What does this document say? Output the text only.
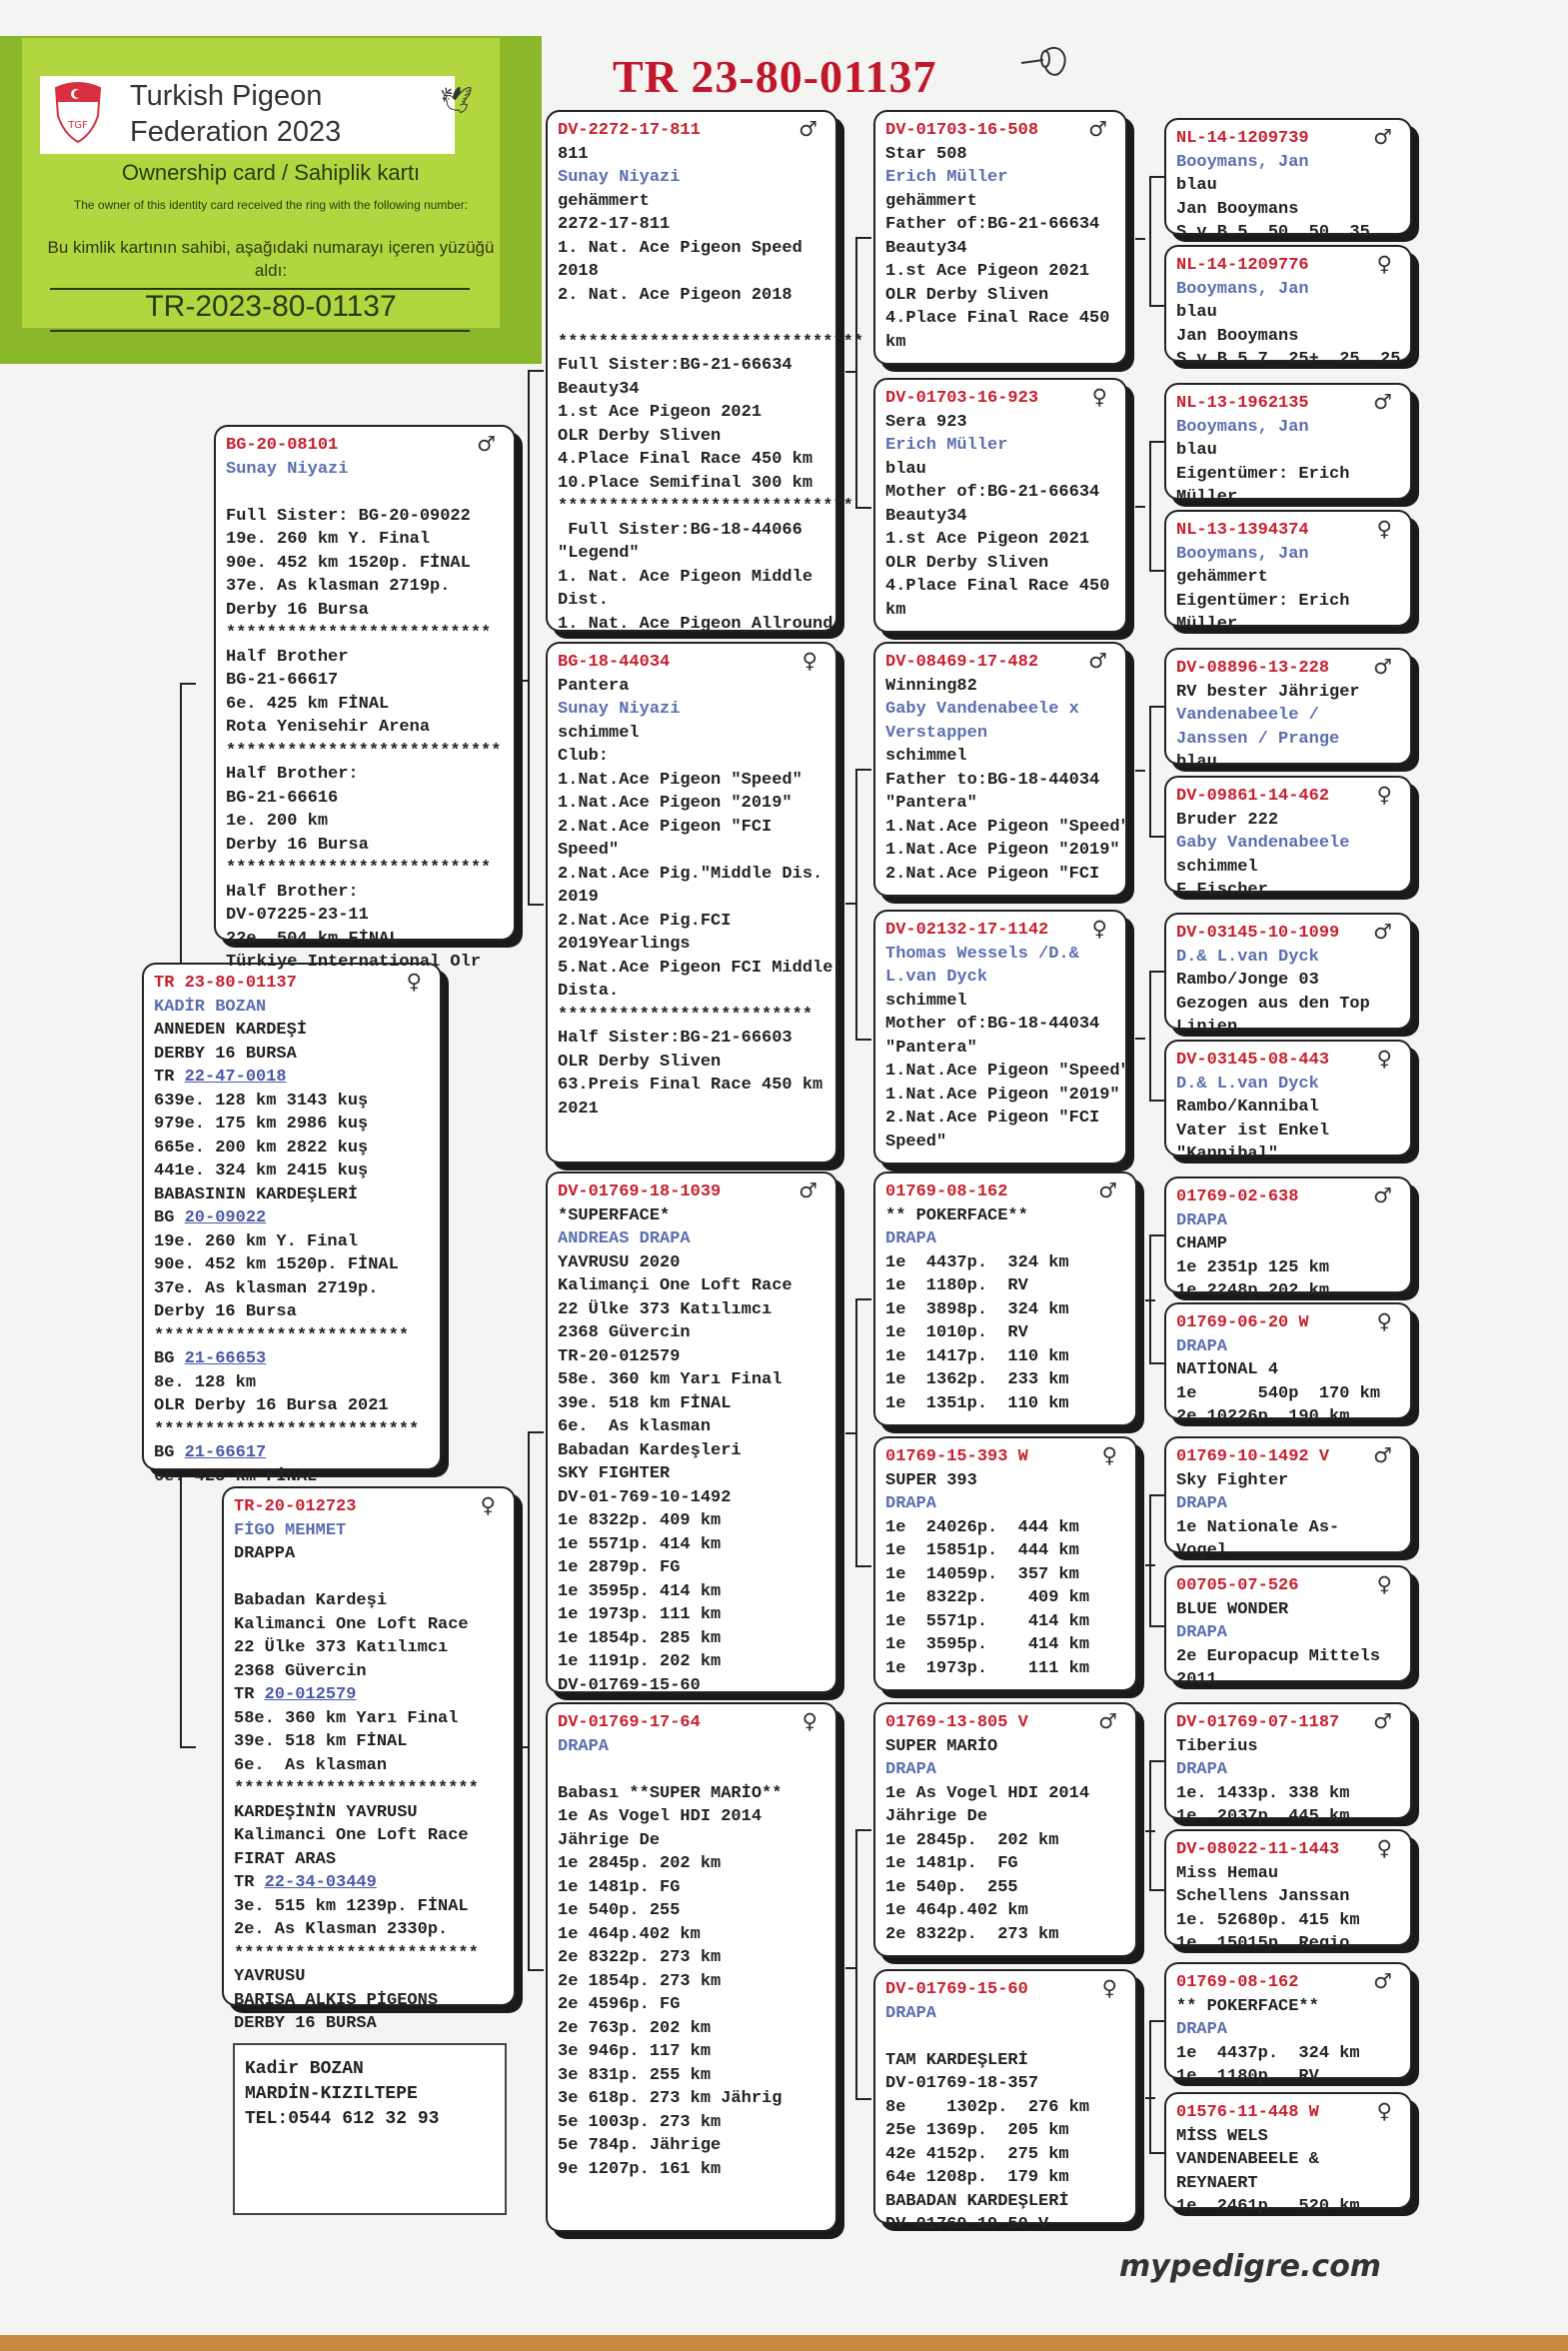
TR 23-80-01137
TGF
Turkish Pigeon
Federation 2023
🕊
Ownership card / Sahiplik kartı
The owner of this identity card received the ring with the following number:
Bu kimlik kartının sahibi, aşağıdaki numarayı içeren yüzüğü aldı:
TR-2023-80-01137
TR 23-80-01137	♀
KADİR BOZAN
ANNEDEN KARDEŞİ
DERBY 16 BURSA
TR 22-47-0018
639e. 128 km 3143 kuş
979e. 175 km 2986 kuş
665e. 200 km 2822 kuş
441e. 324 km 2415 kuş
BABASININ KARDEŞLERİ
BG 20-09022
19e. 260 km Y. Final
90e. 452 km 1520p. FİNAL
37e. As klasman 2719p.
Derby 16 Bursa
*************************
BG 21-66653
8e. 128 km
OLR Derby 16 Bursa 2021
**************************
BG 21-66617
6e. 425 km FİNAL
BG-20-08101	♂
Sunay Niyazi

Full Sister: BG-20-09022
19e. 260 km Y. Final
90e. 452 km 1520p. FİNAL
37e. As klasman 2719p.
Derby 16 Bursa
**************************
Half Brother
BG-21-66617
6e. 425 km FİNAL
Rota Yenisehir Arena
***************************
Half Brother:
BG-21-66616
1e. 200 km
Derby 16 Bursa
**************************
Half Brother:
DV-07225-23-11
22e. 504 km FİNAL
Türkiye International Olr
TR-20-012723	♀
FİGO MEHMET
DRAPPA

Babadan Kardeşi
Kalimanci One Loft Race
22 Ülke 373 Katılımcı
2368 Güvercin
TR 20-012579
58e. 360 km Yarı Final
39e. 518 km FİNAL
6e.  As klasman
************************
KARDEŞİNİN YAVRUSU
Kalimanci One Loft Race
FIRAT ARAS
TR 22-34-03449
3e. 515 km 1239p. FİNAL
2e. As Klasman 2330p.
************************
YAVRUSU
BARIŞA ALKIŞ PİGEONS
DERBY 16 BURSA
DV-2272-17-811	♂
811
Sunay Niyazi
gehämmert
2272-17-811
1. Nat. Ace Pigeon Speed
2018
2. Nat. Ace Pigeon 2018

******************************
Full Sister:BG-21-66634
Beauty34
1.st Ace Pigeon 2021
OLR Derby Sliven
4.Place Final Race 450 km
10.Place Semifinal 300 km
*****************************
Full Sister:BG-18-44066
"Legend"
1. Nat. Ace Pigeon Middle
Dist.
1. Nat. Ace Pigeon Allround
BG-18-44034	♀
Pantera
Sunay Niyazi
schimmel
Club:
1.Nat.Ace Pigeon "Speed"
1.Nat.Ace Pigeon "2019"
2.Nat.Ace Pigeon "FCI
Speed"
2.Nat.Ace Pig."Middle Dis.
2019
2.Nat.Ace Pig.FCI
2019Yearlings
5.Nat.Ace Pigeon FCI Middle
Dista.
*************************
Half Sister:BG-21-66603
OLR Derby Sliven
63.Preis Final Race 450 km
2021
DV-01769-18-1039	♂
*SUPERFACE*
ANDREAS DRAPA
YAVRUSU 2020
Kalimançi One Loft Race
22 Ülke 373 Katılımcı
2368 Güvercin
TR-20-012579
58e. 360 km Yarı Final
39e. 518 km FİNAL
6e.  As klasman
Babadan Kardeşleri
SKY FIGHTER
DV-01-769-10-1492
1e 8322p. 409 km
1e 5571p. 414 km
1e 2879p. FG
1e 3595p. 414 km
1e 1973p. 111 km
1e 1854p. 285 km
1e 1191p. 202 km
DV-01769-15-60
DV-01769-17-64	♀
DRAPA

Babası **SUPER MARİO**
1e As Vogel HDI 2014
Jährige De
1e 2845p. 202 km
1e 1481p. FG
1e 540p. 255
1e 464p.402 km
2e 8322p. 273 km
2e 1854p. 273 km
2e 4596p. FG
2e 763p. 202 km
3e 946p. 117 km
3e 831p. 255 km
3e 618p. 273 km Jährig
5e 1003p. 273 km
5e 784p. Jährige
9e 1207p. 161 km
DV-01703-16-508	♂
Star 508
Erich Müller
gehämmert
Father of:BG-21-66634
Beauty34
1.st Ace Pigeon 2021
OLR Derby Sliven
4.Place Final Race 450
km
DV-01703-16-923	♀
Sera 923
Erich Müller
blau
Mother of:BG-21-66634
Beauty34
1.st Ace Pigeon 2021
OLR Derby Sliven
4.Place Final Race 450
km
DV-08469-17-482	♂
Winning82
Gaby Vandenabeele x
Verstappen
schimmel
Father to:BG-18-44034
"Pantera"
1.Nat.Ace Pigeon "Speed"
1.Nat.Ace Pigeon "2019"
2.Nat.Ace Pigeon "FCI
DV-02132-17-1142	♀
Thomas Wessels /D.&
L.van Dyck
schimmel
Mother of:BG-18-44034
"Pantera"
1.Nat.Ace Pigeon "Speed"
1.Nat.Ace Pigeon "2019"
2.Nat.Ace Pigeon "FCI
Speed"
01769-08-162	♂
** POKERFACE**
DRAPA
1e  4437p.  324 km
1e  1180p.  RV
1e  3898p.  324 km
1e  1010p.  RV
1e  1417p.  110 km
1e  1362p.  233 km
1e  1351p.  110 km
01769-15-393 W	♀
SUPER 393
DRAPA
1e  24026p.  444 km
1e  15851p.  444 km
1e  14059p.  357 km
1e  8322p.    409 km
1e  5571p.    414 km
1e  3595p.    414 km
1e  1973p.    111 km
01769-13-805 V	♂
SUPER MARİO
DRAPA
1e As Vogel HDI 2014
Jährige De
1e 2845p.  202 km
1e 1481p.  FG
1e 540p.  255
1e 464p.402 km
2e 8322p.  273 km
DV-01769-15-60	♀
DRAPA

TAM KARDEŞLERİ
DV-01769-18-357
8e    1302p.  276 km
25e 1369p.  205 km
42e 4152p.  275 km
64e 1208p.  179 km
BABADAN KARDEŞLERİ
DV-01769-19-50 V
NL-14-1209739	♂
Booymans, Jan
blau
Jan Booymans
S.v.B.5  50  50  35
NL-14-1209776	♀
Booymans, Jan
blau
Jan Booymans
S.v.B.5.7  25+  25  25
NL-13-1962135	♂
Booymans, Jan
blau
Eigentümer: Erich
Müller
NL-13-1394374	♀
Booymans, Jan
gehämmert
Eigentümer: Erich
Müller
DV-08896-13-228	♂
RV bester Jähriger
Vandenabeele /
Janssen / Prange
blau
DV-09861-14-462	♀
Bruder 222
Gaby Vandenabeele
schimmel
F.Fischer
DV-03145-10-1099	♂
D.& L.van Dyck
Rambo/Jonge 03
Gezogen aus den Top
Linien
DV-03145-08-443	♀
D.& L.van Dyck
Rambo/Kannibal
Vater ist Enkel
"Kannibal"
01769-02-638	♂
DRAPA
CHAMP
1e 2351p 125 km
1e 2248p 202 km
01769-06-20 W	♀
DRAPA
NATİONAL 4
1e      540p  170 km
2e 10226p  190 km
01769-10-1492 V	♂
Sky Fighter
DRAPA
1e Nationale As-
Vogel
00705-07-526	♀
BLUE WONDER
DRAPA
2e Europacup Mittels
2011
DV-01769-07-1187	♂
Tiberius
DRAPA
1e. 1433p. 338 km
1e. 2037p. 445 km
DV-08022-11-1443	♀
Miss Hemau
Schellens Janssan
1e. 52680p. 415 km
1e. 15015p. Regio
01769-08-162	♂
** POKERFACE**
DRAPA
1e  4437p.  324 km
1e  1180p.  RV
01576-11-448 W	♀
MİSS WELS
VANDENABEELE &
REYNAERT
1e  2461p.  520 km
Kadir BOZAN
MARDİN-KIZILTEPE
TEL:0544 612 32 93
mypedigre.com
